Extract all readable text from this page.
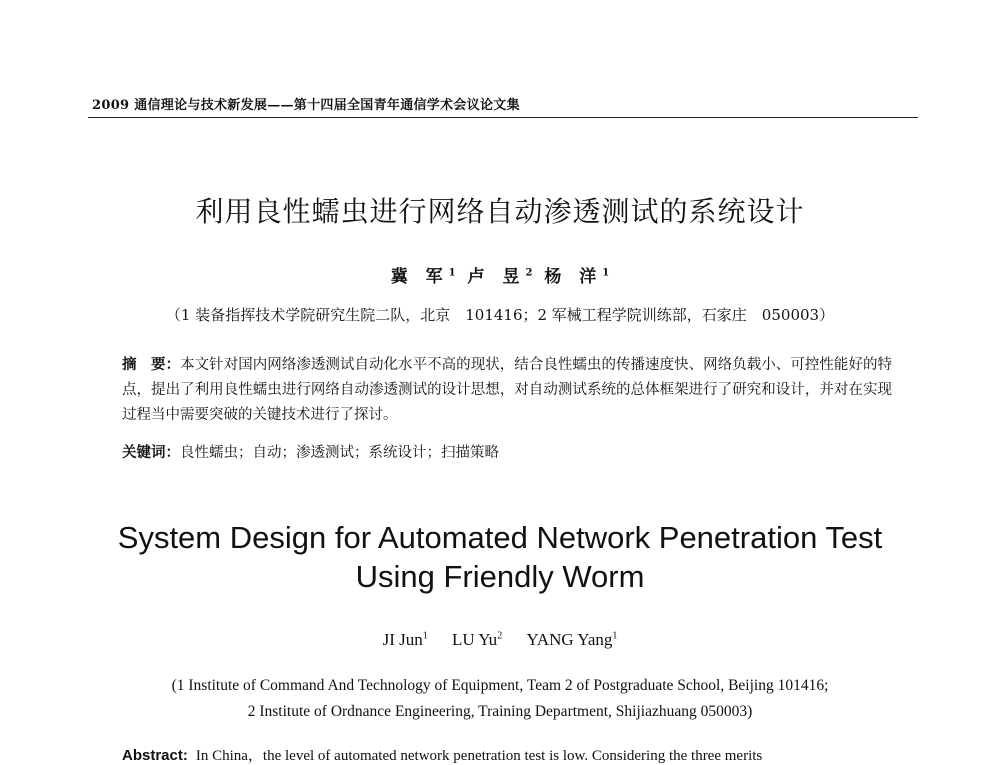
2009 通信理论与技术新发展——第十四届全国青年通信学术会议论文集
利用良性蠕虫进行网络自动渗透测试的系统设计
冀 军$^1$ 卢 昱$^2$ 杨 洋$^1$
（1 装备指挥技术学院研究生院二队，北京　101416；2 军械工程学院训练部，石家庄　050003）
摘　要：本文针对国内网络渗透测试自动化水平不高的现状，结合良性蠕虫的传播速度快、网络负载小、可控性能好的特点，提出了利用良性蠕虫进行网络自动渗透测试的设计思想，对自动测试系统的总体框架进行了研究和设计，并对在实现过程当中需要突破的关键技术进行了探讨。
关键词：良性蠕虫；自动；渗透测试；系统设计；扫描策略
System Design for Automated Network Penetration Test
Using Friendly Worm
JI Jun$^1$ LU Yu$^2$ YANG Yang$^1$
(1 Institute of Command And Technology of Equipment, Team 2 of Postgraduate School, Beijing 101416;
2 Institute of Ordnance Engineering, Training Department, Shijiazhuang 050003)
Abstract: In China，the level of automated network penetration test is low. Considering the three merits
